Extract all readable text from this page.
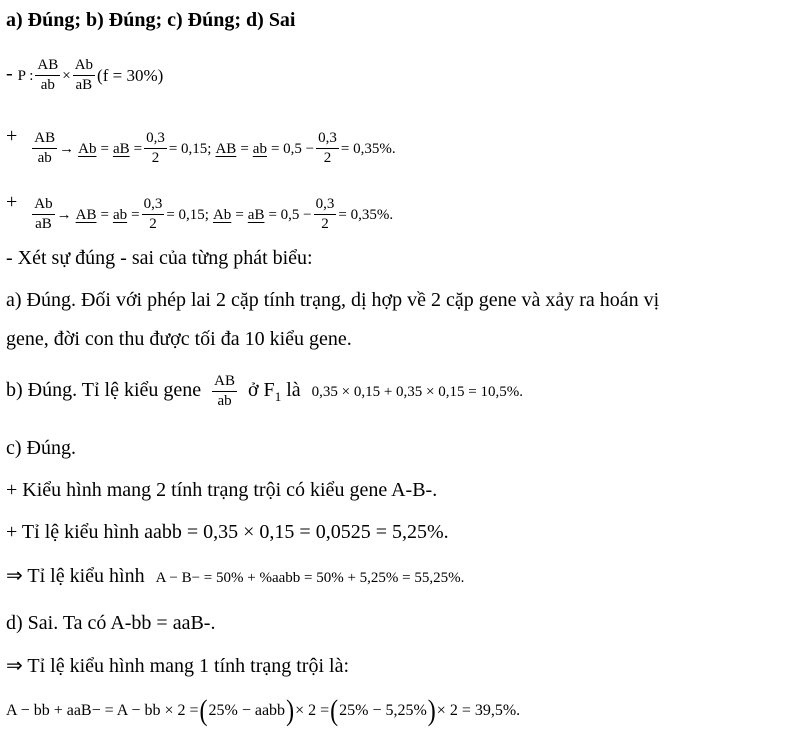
a) Đúng; b) Đúng; c) Đúng; d) Sai
- P : $\frac{AB}{ab} \times \frac{Ab}{aB} (f = 30\%)$
+ $\frac{AB}{ab} \to Ab$ = aB = $\frac{0,3}{2} = 0,15$; AB = ab = $0,5 - \frac{0,3}{2} = 0,35\%$.
+ $\frac{Ab}{aB}$ → AB = ab = $\frac{0,3}{2} = 0,15$; Ab = aB = $0,5 - \frac{0,3}{2} = 0,35\%$.
- Xét sự đúng - sai của từng phát biểu:
a) Đúng. Đối với phép lai 2 cặp tính trạng, dị hợp về 2 cặp gene và xảy ra hoán vị
gene, đời con thu được tối đa 10 kiểu gene.
b) Đúng. Tỉ lệ kiểu gene $\frac{AB}{ab}$ ở $F_1$ là 0,35 × 0,15 + 0,35 × 0,15 = 10,5%.
c) Đúng.
+ Kiểu hình mang 2 tính trạng trội có kiểu gene A-B-.
+ Tỉ lệ kiểu hình aabb = 0,35 × 0,15 = 0,0525 = 5,25%.
⇒ Tỉ lệ kiểu hình A − B− = 50% + %aabb = 50% + 5,25% = 55,25%.
d) Sai. Ta có A-bb = aaB-.
⇒ Tỉ lệ kiểu hình mang 1 tính trạng trội là:
A − bb + aaB− = A − bb × 2 = ( 25% − aabb ) × 2 = ( 25% − 5,25% ) × 2 = 39,5%.
